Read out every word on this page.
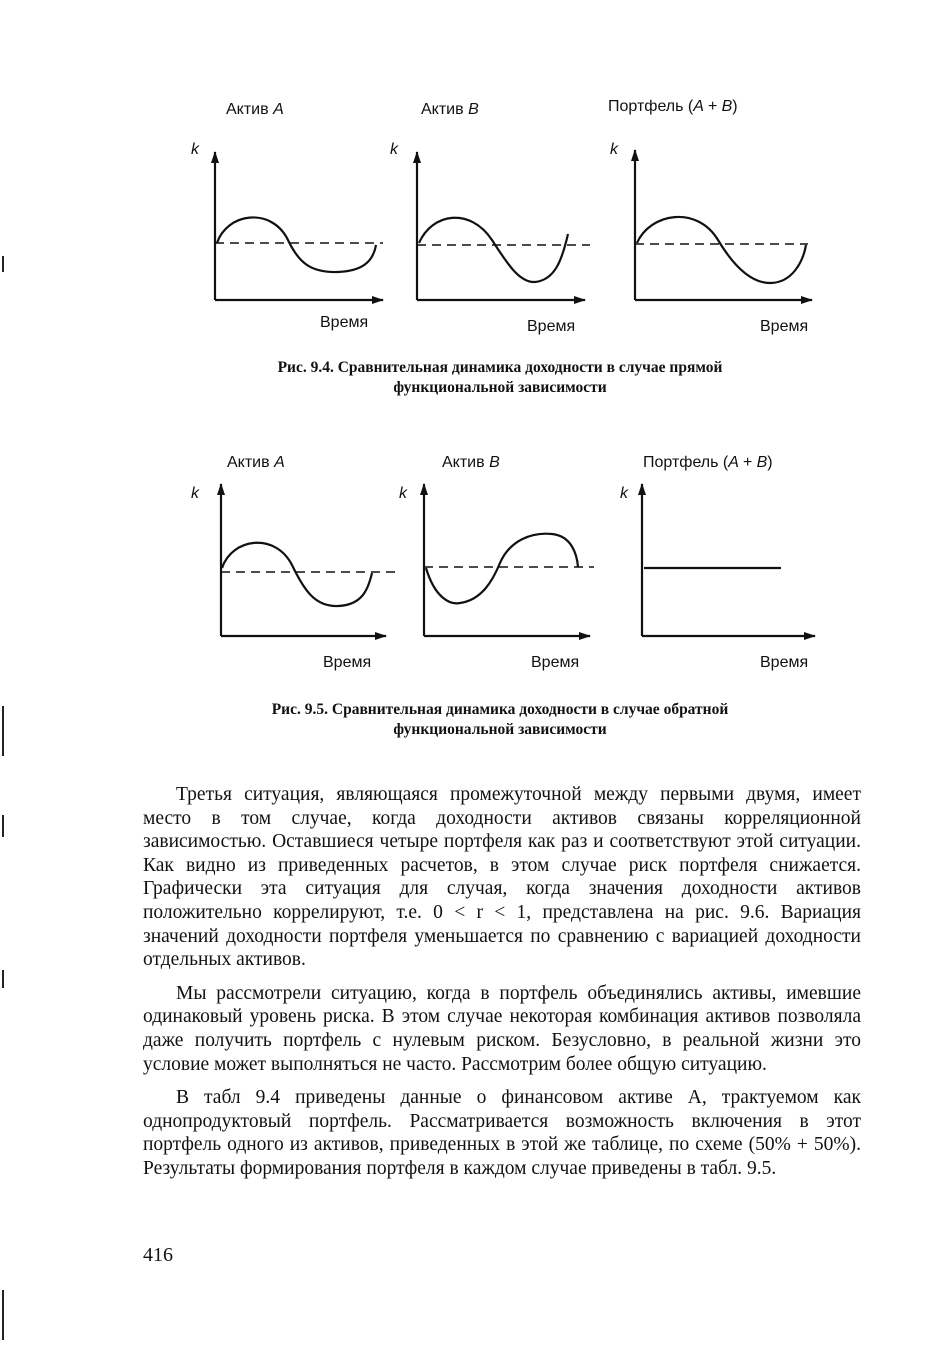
Актив A	Актив B	Портфель (A + B)
k	k	k
Время	Время	Время
Рис. 9.4. Сравнительная динамика доходности в случае прямой функциональной зависимости
Актив A	Актив B	Портфель (A + B)
k	k	k
Время	Время	Время
Рис. 9.5. Сравнительная динамика доходности в случае обратной функциональной зависимости

Третья ситуация, являющаяся промежуточной между первыми двумя, имеет место в том случае, когда доходности активов связаны корреляционной зависимостью. Оставшиеся четыре портфеля как раз и соответствуют этой ситуации. Как видно из приведенных расчетов, в этом случае риск портфеля снижается. Графически эта ситуация для случая, когда значения доходности активов положительно коррелируют, т.е. 0 < r < 1, представлена на рис. 9.6. Вариация значений доходности портфеля уменьшается по сравнению с вариацией доходности отдельных активов.

Мы рассмотрели ситуацию, когда в портфель объединялись активы, имевшие одинаковый уровень риска. В этом случае некоторая комбинация активов позволяла даже получить портфель с нулевым риском. Безусловно, в реальной жизни это условие может выполняться не часто. Рассмотрим более общую ситуацию.

В табл 9.4 приведены данные о финансовом активе А, трактуемом как однопродуктовый портфель. Рассматривается возможность включения в этот портфель одного из активов, приведенных в этой же таблице, по схеме (50% + 50%). Результаты формирования портфеля в каждом случае приведены в табл. 9.5.

416
